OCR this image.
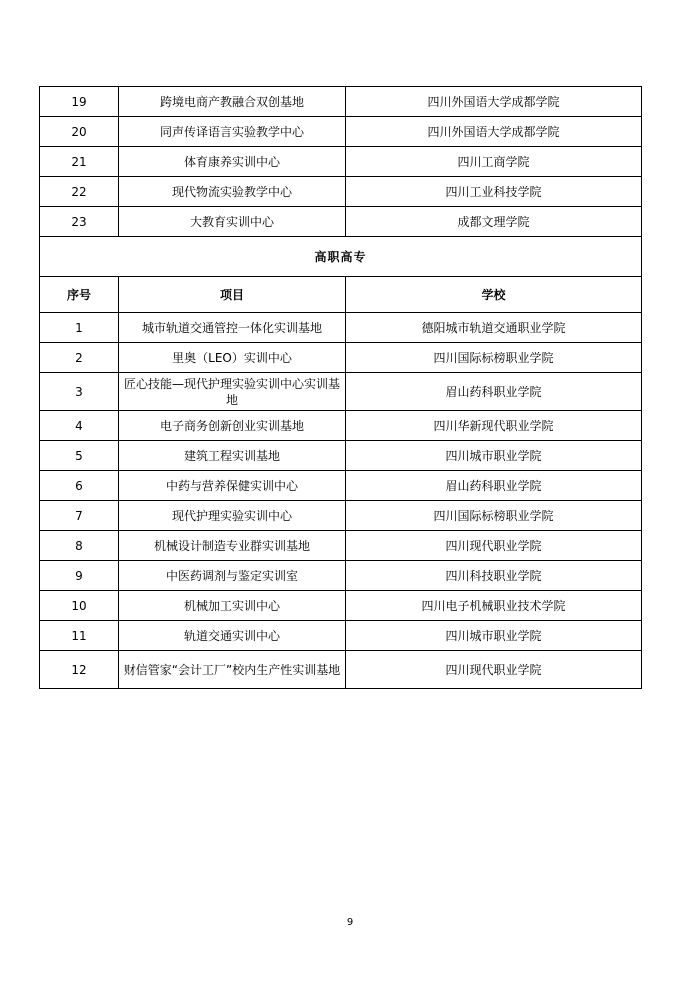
19	跨境电商产教融合双创基地	四川外国语大学成都学院
20	同声传译语言实验教学中心	四川外国语大学成都学院
21	体育康养实训中心	四川工商学院
22	现代物流实验教学中心	四川工业科技学院
23	大教育实训中心	成都文理学院
高职高专		
序号	项目	学校
1	城市轨道交通管控一体化实训基地	德阳城市轨道交通职业学院
2	里奥（LEO）实训中心	四川国际标榜职业学院
3	匠心技能—现代护理实验实训中心实训基地	眉山药科职业学院
4	电子商务创新创业实训基地	四川华新现代职业学院
5	建筑工程实训基地	四川城市职业学院
6	中药与营养保健实训中心	眉山药科职业学院
7	现代护理实验实训中心	四川国际标榜职业学院
8	机械设计制造专业群实训基地	四川现代职业学院
9	中医药调剂与鉴定实训室	四川科技职业学院
10	机械加工实训中心	四川电子机械职业技术学院
11	轨道交通实训中心	四川城市职业学院
12	财信管家“会计工厂”校内生产性实训基地	四川现代职业学院
9
